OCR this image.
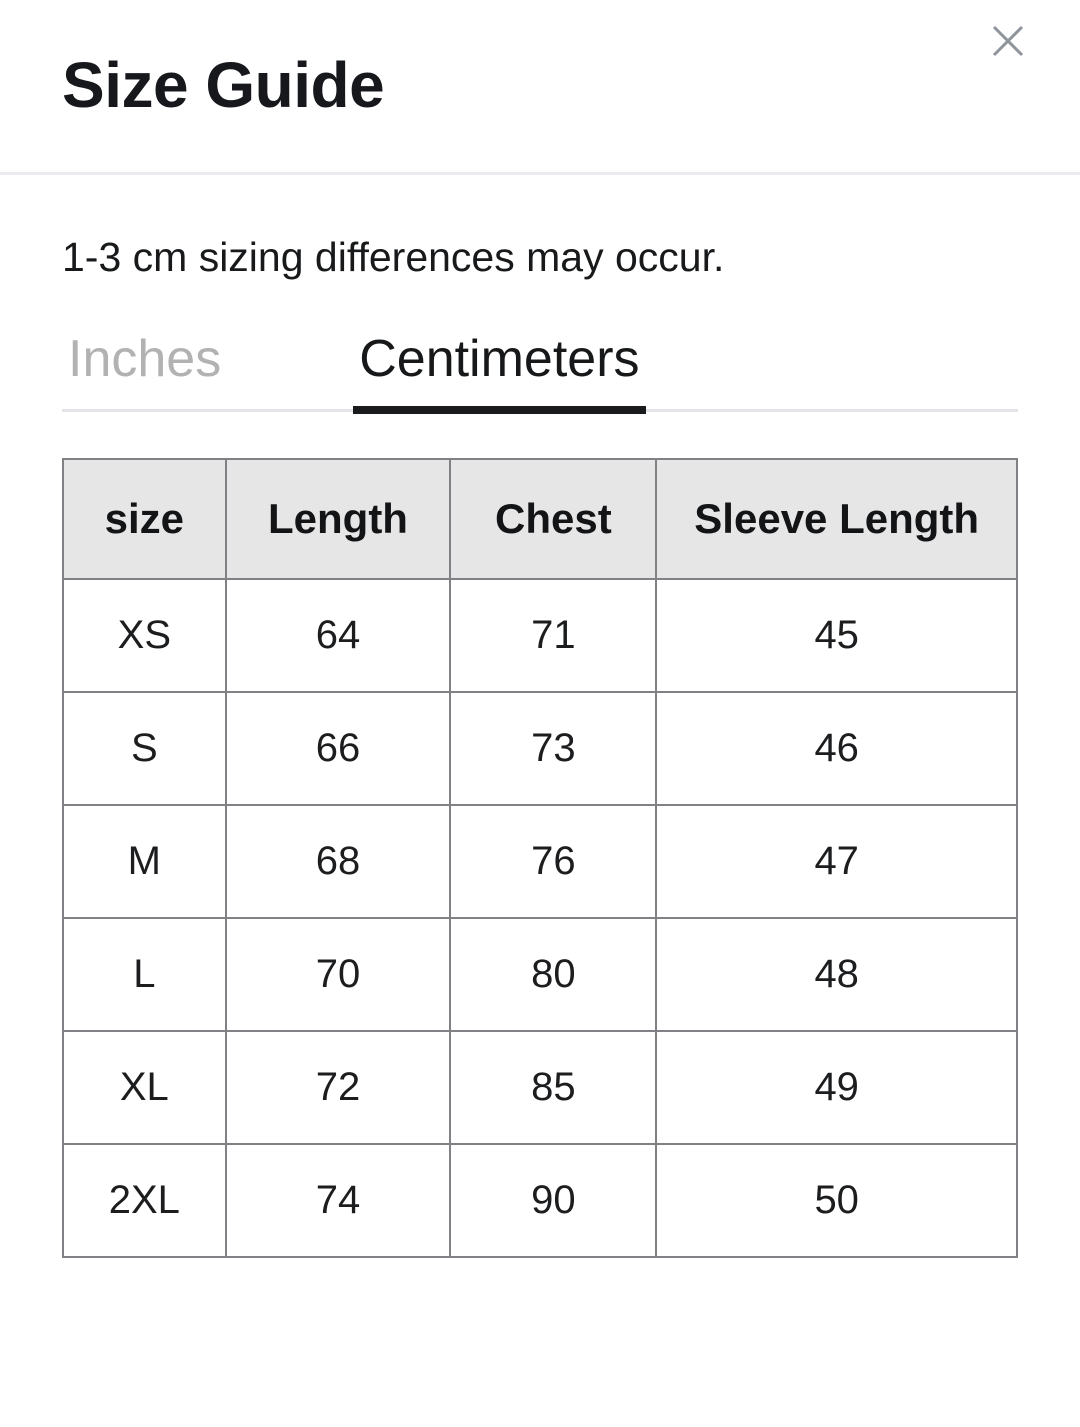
Size Guide

1-3 cm sizing differences may occur.

Inches	Centimeters
size	Length	Chest	Sleeve Length
XS	64	71	45
S	66	73	46
M	68	76	47
L	70	80	48
XL	72	85	49
2XL	74	90	50
